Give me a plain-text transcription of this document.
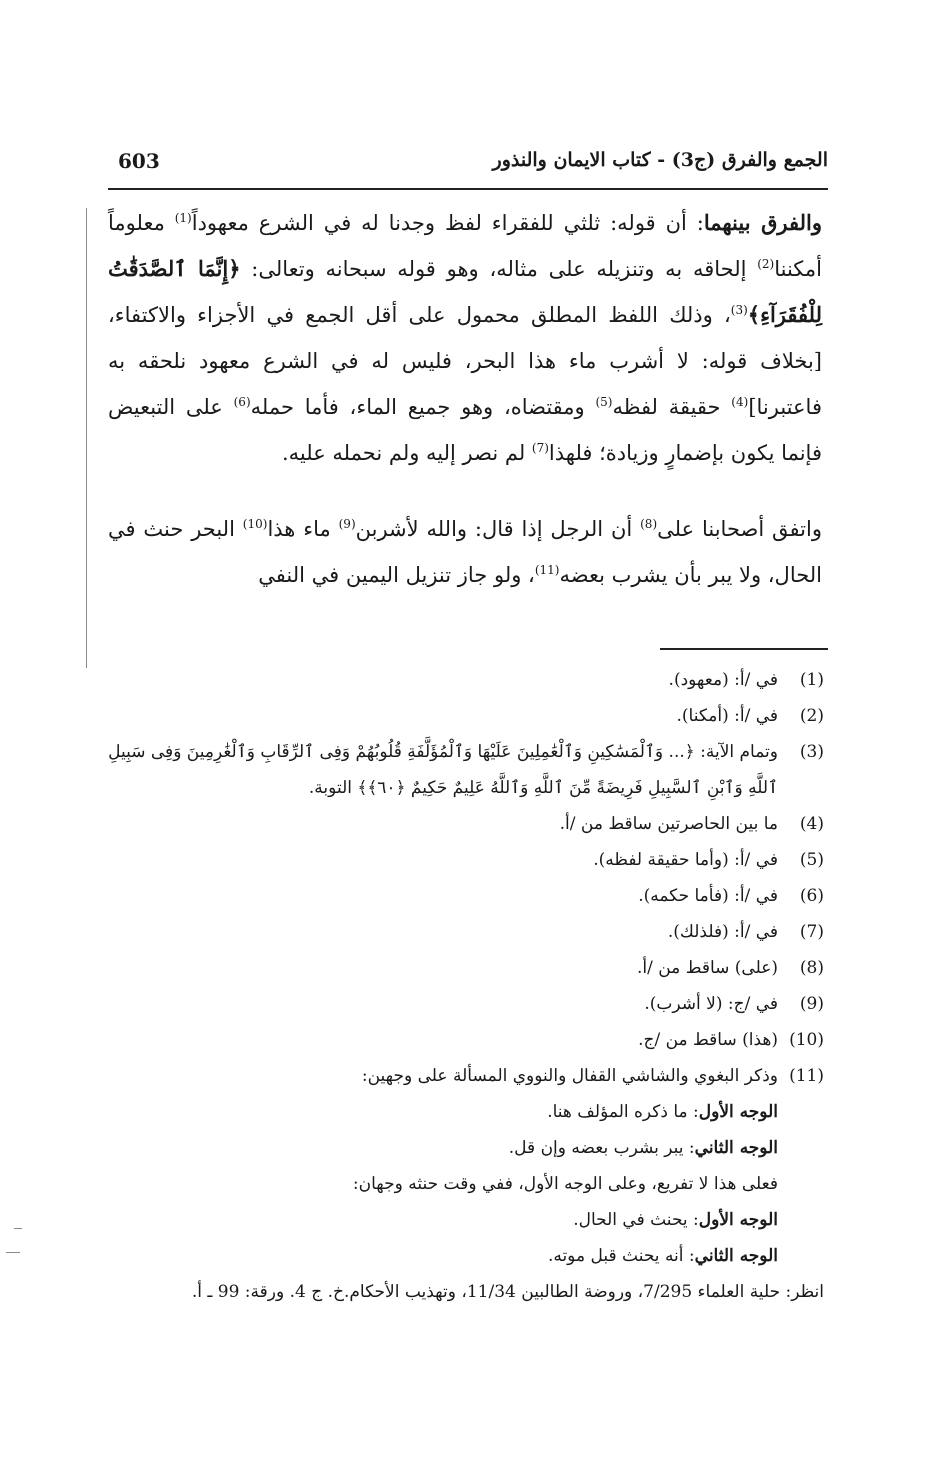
الجمع والفرق (ج3) - كتاب الايمان والنذور
603

والفرق بينهما: أن قوله: ثلثي للفقراء لفظ وجدنا له في الشرع معهوداً$^{(1)}$ معلوماً أمكننا$^{(2)}$ إلحاقه به وتنزيله على مثاله، وهو قوله سبحانه وتعالى: ﴿إِنَّمَا ٱلصَّدَقَٰتُ لِلْفُقَرَآءِ﴾$^{(3)}$، وذلك اللفظ المطلق محمول على أقل الجمع في الأجزاء والاكتفاء، [بخلاف قوله: لا أشرب ماء هذا البحر، فليس له في الشرع معهود نلحقه به فاعتبرنا]$^{(4)}$ حقيقة لفظه$^{(5)}$ ومقتضاه، وهو جميع الماء، فأما حمله$^{(6)}$ على التبعيض فإنما يكون بإضمارٍ وزيادة؛ فلهذا$^{(7)}$ لم نصر إليه ولم نحمله عليه.

واتفق أصحابنا على$^{(8)}$ أن الرجل إذا قال: والله لأشربن$^{(9)}$ ماء هذا$^{(10)}$ البحر حنث في الحال، ولا يبر بأن يشرب بعضه$^{(11)}$، ولو جاز تنزيل اليمين في النفي

(1)
في /أ: (معهود).
(2)
في /أ: (أمكنا).
(3)
وتمام الآية: ﴿... وَٱلْمَسَٰكِينِ وَٱلْعَٰمِلِينَ عَلَيْهَا وَٱلْمُؤَلَّفَةِ قُلُوبُهُمْ وَفِى ٱلرِّقَابِ وَٱلْغَٰرِمِينَ وَفِى سَبِيلِ ٱللَّهِ وَٱبْنِ ٱلسَّبِيلِ فَرِيضَةً مِّنَ ٱللَّهِ وَٱللَّهُ عَلِيمٌ حَكِيمٌ ﴿٦٠﴾﴾ التوبة.
(4)
ما بين الحاصرتين ساقط من /أ.
(5)
في /أ: (وأما حقيقة لفظه).
(6)
في /أ: (فأما حكمه).
(7)
في /أ: (فلذلك).
(8)
(على) ساقط من /أ.
(9)
في /ج: (لا أشرب).
(10)
(هذا) ساقط من /ج.
(11)
وذكر البغوي والشاشي القفال والنووي المسألة على وجهين:
الوجه الأول: ما ذكره المؤلف هنا.
الوجه الثاني: يبر بشرب بعضه وإن قل.
فعلى هذا لا تفريع، وعلى الوجه الأول، ففي وقت حنثه وجهان:
الوجه الأول: يحنث في الحال.
الوجه الثاني: أنه يحنث قبل موته.
انظر: حلية العلماء 7/295، وروضة الطالبين 11/34، وتهذيب الأحكام.خ. ج 4. ورقة: 99 ـ أ.
